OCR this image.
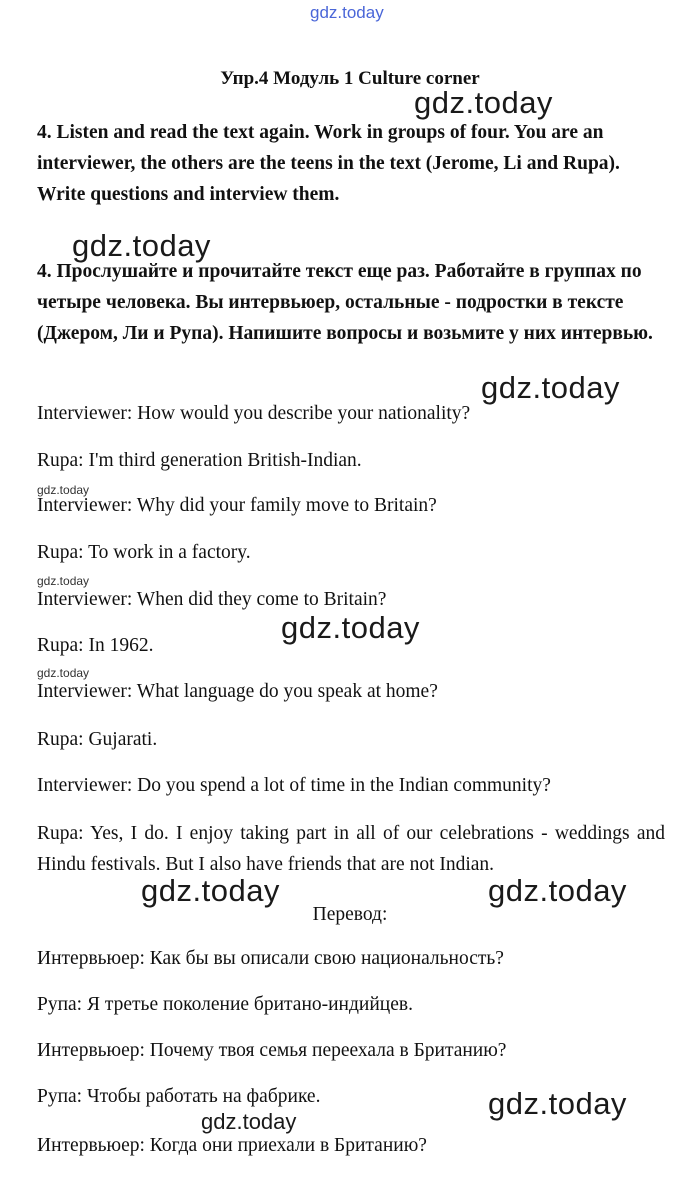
gdz.today
gdz.today
gdz.today
gdz.today
gdz.today
gdz.today
gdz.today
gdz.today
gdz.today	gdz.today
gdz.today
gdz.today
Упр.4 Модуль 1 Culture corner
4. Listen and read the text again. Work in groups of four. You are an interviewer, the others are the teens in the text (Jerome, Li and Rupa). Write questions and interview them.
4. Прослушайте и прочитайте текст еще раз. Работайте в группах по четыре человека. Вы интервьюер, остальные - подростки в тексте (Джером, Ли и Рупа). Напишите вопросы и возьмите у них интервью.
Interviewer: How would you describe your nationality?
Rupa: I'm third generation British-Indian.
Interviewer: Why did your family move to Britain?
Rupa: To work in a factory.
Interviewer: When did they come to Britain?
Rupa: In 1962.
Interviewer: What language do you speak at home?
Rupa: Gujarati.
Interviewer: Do you spend a lot of time in the Indian community?
Rupa: Yes, I do. I enjoy taking part in all of our celebrations - weddings and Hindu festivals. But I also have friends that are not Indian.
Перевод:
Интервьюер: Как бы вы описали свою национальность?
Рупа: Я третье поколение британо-индийцев.
Интервьюер: Почему твоя семья переехала в Британию?
Рупа: Чтобы работать на фабрике.
Интервьюер: Когда они приехали в Британию?
